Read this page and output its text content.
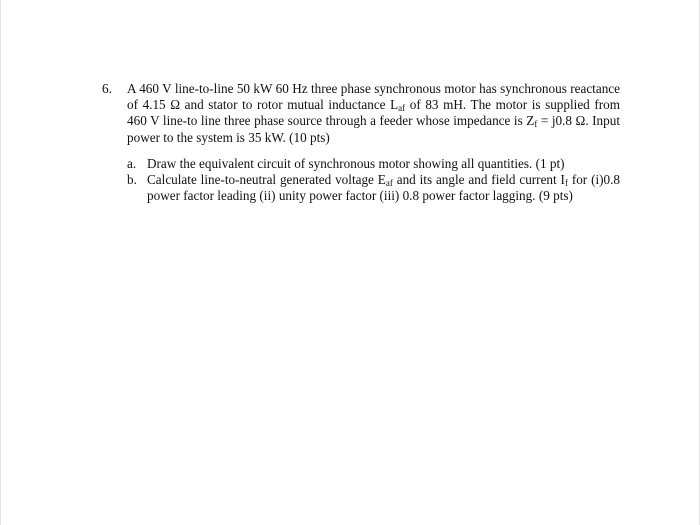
6.	A 460 V line-to-line 50 kW 60 Hz three phase synchronous motor has synchronous reactance of 4.15 Ω and stator to rotor mutual inductance $L_{af}$ of 83 mH. The motor is supplied from 460 V line-to line three phase source through a feeder whose impedance is $Z_f = j0.8$ Ω. Input power to the system is 35 kW. (10 pts)
a. Draw the equivalent circuit of synchronous motor showing all quantities. (1 pt)
b. Calculate line-to-neutral generated voltage $E_{af}$ and its angle and field current $I_f$ for (i)0.8 power factor leading (ii) unity power factor (iii) 0.8 power factor lagging. (9 pts)
